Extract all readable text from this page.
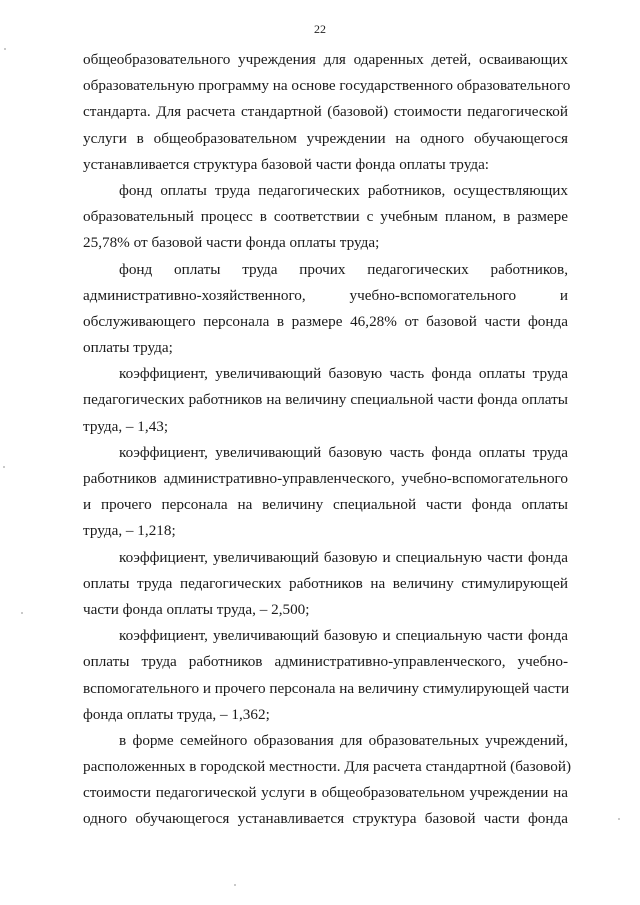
22
общеобразовательного учреждения для одаренных детей, осваивающих
образовательную программу на основе государственного образовательного
стандарта. Для расчета стандартной (базовой) стоимости педагогической
услуги в общеобразовательном учреждении на одного обучающегося
устанавливается структура базовой части фонда оплаты труда:
фонд оплаты труда педагогических работников, осуществляющих
образовательный процесс в соответствии с учебным планом, в размере
25,78% от базовой части фонда оплаты труда;
фонд оплаты труда прочих педагогических работников,
административно-хозяйственного, учебно-вспомогательного и
обслуживающего персонала в размере 46,28% от базовой части фонда
оплаты труда;
коэффициент, увеличивающий базовую часть фонда оплаты труда
педагогических работников на величину специальной части фонда оплаты
труда, – 1,43;
коэффициент, увеличивающий базовую часть фонда оплаты труда
работников административно-управленческого, учебно-вспомогательного
и прочего персонала на величину специальной части фонда оплаты
труда, – 1,218;
коэффициент, увеличивающий базовую и специальную части фонда
оплаты труда педагогических работников на величину стимулирующей
части фонда оплаты труда, – 2,500;
коэффициент, увеличивающий базовую и специальную части фонда
оплаты труда работников административно-управленческого, учебно-
вспомогательного и прочего персонала на величину стимулирующей части
фонда оплаты труда, – 1,362;
в форме семейного образования для образовательных учреждений,
расположенных в городской местности. Для расчета стандартной (базовой)
стоимости педагогической услуги в общеобразовательном учреждении на
одного обучающегося устанавливается структура базовой части фонда
